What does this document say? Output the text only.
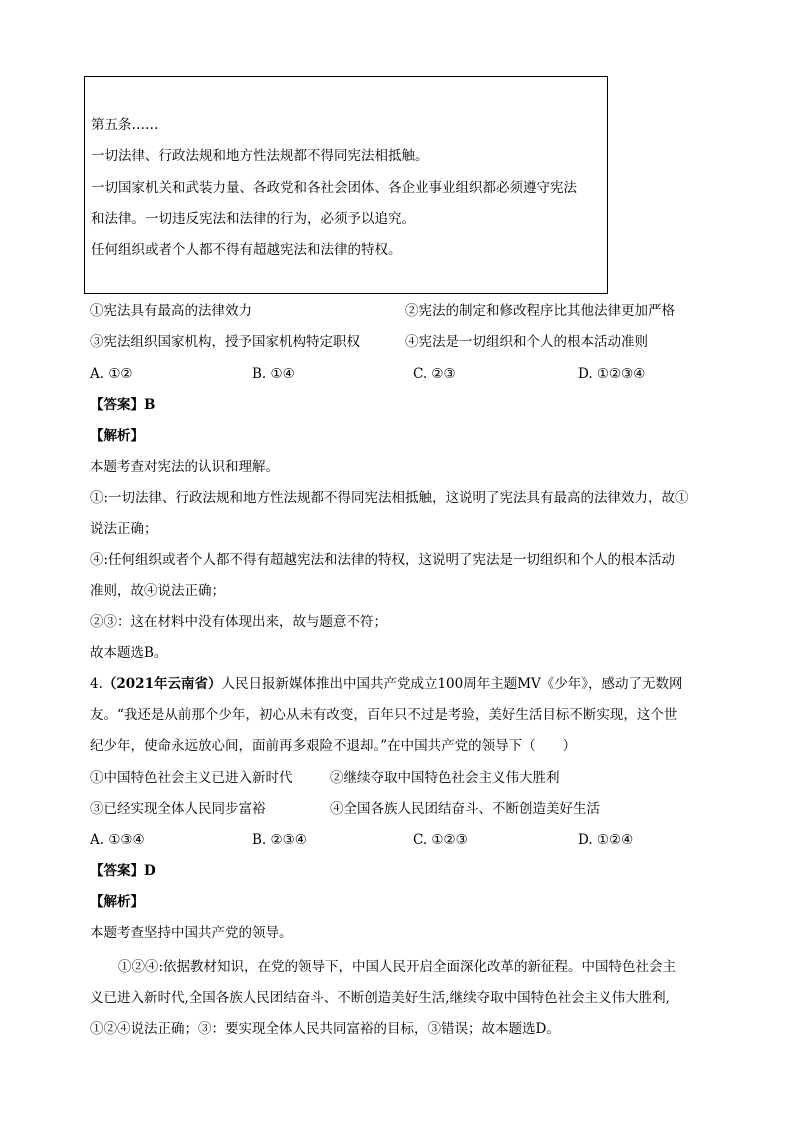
第五条……
一切法律、行政法规和地方性法规都不得同宪法相抵触。
一切国家机关和武装力量、各政党和各社会团体、各企业事业组织都必须遵守宪法
和法律。一切违反宪法和法律的行为，必须予以追究。
任何组织或者个人都不得有超越宪法和法律的特权。
①宪法具有最高的法律效力	②宪法的制定和修改程序比其他法律更加严格
③宪法组织国家机构，授予国家机构特定职权	④宪法是一切组织和个人的根本活动准则
A. ①②	B. ①④	C. ②③	D. ①②③④
【答案】B
【解析】
本题考查对宪法的认识和理解。
①:一切法律、行政法规和地方性法规都不得同宪法相抵触，这说明了宪法具有最高的法律效力，故①
说法正确；
④:任何组织或者个人都不得有超越宪法和法律的特权，这说明了宪法是一切组织和个人的根本活动
准则，故④说法正确；
②③：这在材料中没有体现出来，故与题意不符；
故本题选B。
4.（2021年云南省）人民日报新媒体推出中国共产党成立100周年主题MV《少年》，感动了无数网
友。“我还是从前那个少年，初心从未有改变，百年只不过是考验，美好生活目标不断实现，这个世
纪少年，使命永远放心间，面前再多艰险不退却。”在中国共产党的领导下（　　）
①中国特色社会主义已进入新时代	②继续夺取中国特色社会主义伟大胜利
③已经实现全体人民同步富裕	④全国各族人民团结奋斗、不断创造美好生活
A. ①③④	B. ②③④	C. ①②③	D. ①②④
【答案】D
【解析】
本题考查坚持中国共产党的领导。
①②④:依据教材知识，在党的领导下，中国人民开启全面深化改革的新征程。中国特色社会主
义已进入新时代,全国各族人民团结奋斗、不断创造美好生活,继续夺取中国特色社会主义伟大胜利,
①②④说法正确；③：要实现全体人民共同富裕的目标，③错误；故本题选D。
